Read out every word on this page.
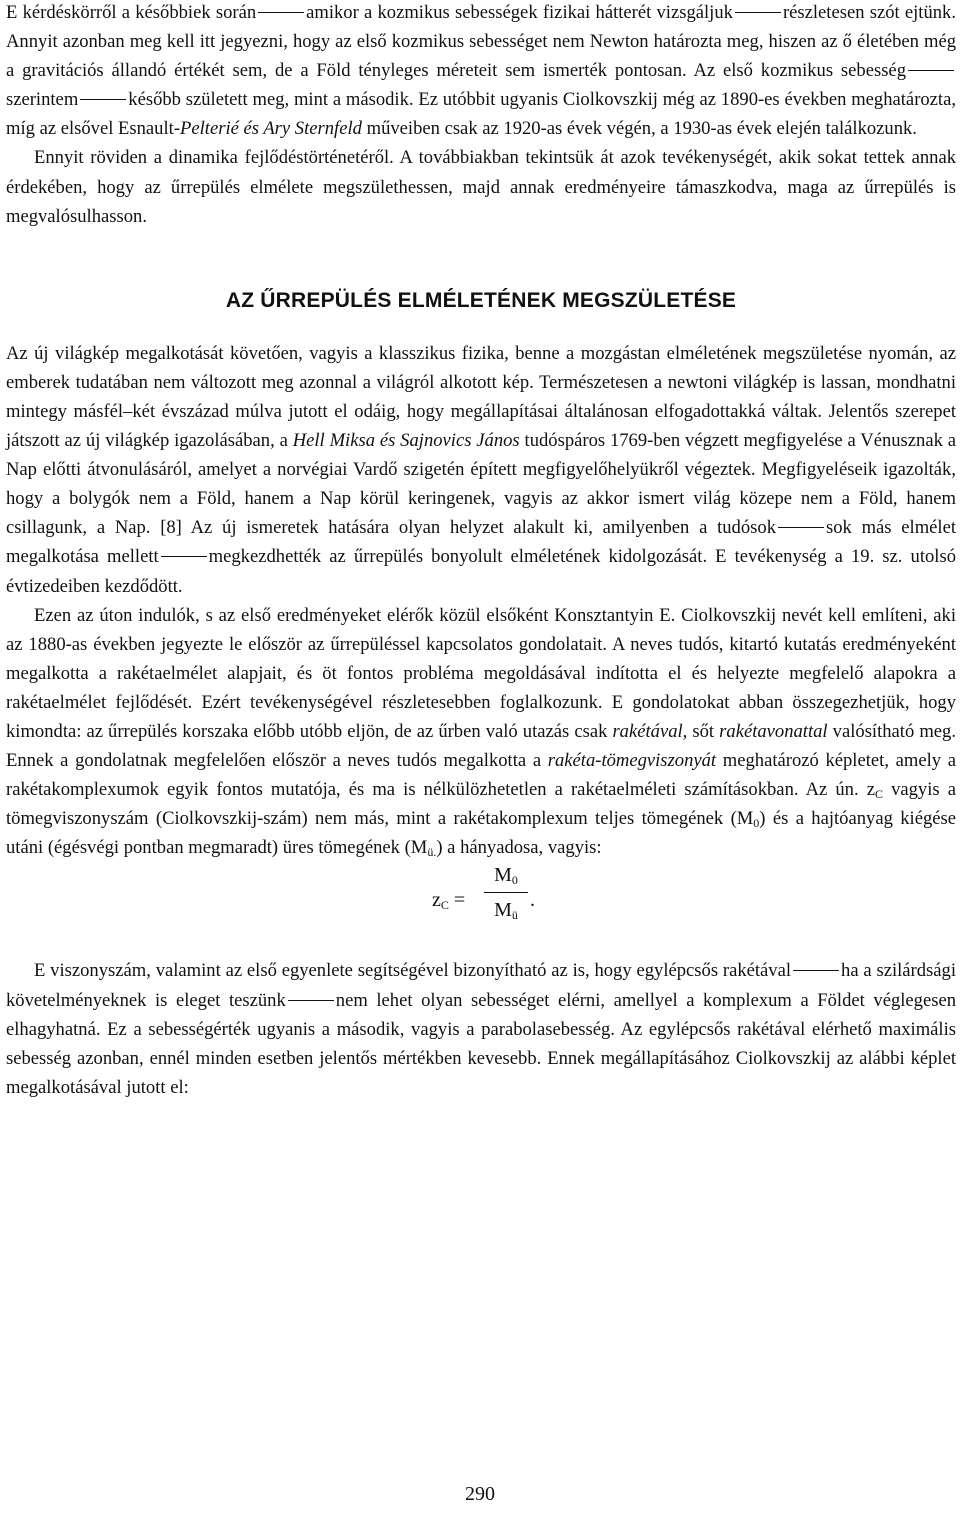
E kérdéskörről a későbbiek során	amikor a kozmikus sebességek fizikai hátterét vizsgáljuk	részletesen szót ejtünk. Annyit azonban meg kell itt jegyezni, hogy az első kozmikus sebességet nem Newton határozta meg, hiszen az ő életében még a gravitációs állandó értékét sem, de a Föld tényleges méreteit sem ismerték pontosan. Az első kozmikus sebességszerintem	később született meg, mint a második. Ez utóbbit ugyanis Ciolkovszkij még az 1890-es években meghatározta, míg az elsővel Esnault-Pelterié és Ary Sternfeld műveiben csak az 1920-as évek végén, a 1930-as évek elején találkozunk.

Ennyit röviden a dinamika fejlődéstörténetéről. A továbbiakban tekintsük át azok tevékenységét, akik sokat tettek annak érdekében, hogy az űrrepülés elmélete megszülethessen, majd annak eredményeire támaszkodva, maga az űrrepülés is megvalósulhasson.

AZ ŰRREPÜLÉS ELMÉLETÉNEK MEGSZÜLETÉSE

Az új világkép megalkotását követően, vagyis a klasszikus fizika, benne a mozgástan elméletének megszületése nyomán, az emberek tudatában nem változott meg azonnal a világról alkotott kép. Természetesen a newtoni világkép is lassan, mondhatni mintegy másfél–két évszázad múlva jutott el odáig, hogy megállapításai általánosan elfogadottakká váltak. Jelentős szerepet játszott az új világkép igazolásában, a Hell Miksa és Sajnovics János tudóspáros 1769-ben végzett megfigyelése a Vénusznak a Nap előtti átvonulásáról, amelyet a norvégiai Vardő szigetén épített megfigyelőhelyükről végeztek. Megfigyeléseik igazolták, hogy a bolygók nem a Föld, hanem a Nap körül keringenek, vagyis az akkor ismert világ közepe nem a Föld, hanem csillagunk, a Nap. [8] Az új ismeretek hatására olyan helyzet alakult ki, amilyenben a tudósok	sok más elmélet megalkotása mellett	megkezdhették az űrrepülés bonyolult elméletének kidolgozását. E tevékenység a 19. sz. utolsó évtizedeiben kezdődött.

Ezen az úton indulók, s az első eredményeket elérők közül elsőként Konsztantyin E. Ciolkovszkij nevét kell említeni, aki az 1880-as években jegyezte le először az űrrepüléssel kapcsolatos gondolatait. A neves tudós, kitartó kutatás eredményeként megalkotta a rakétaelmélet alapjait, és öt fontos probléma megoldásával indította el és helyezte megfelelő alapokra a rakétaelmélet fejlődését. Ezért tevékenységével részletesebben foglalkozunk. E gondolatokat abban összegezhetjük, hogy kimondta: az űrrepülés korszaka előbb utóbb eljön, de az űrben való utazás csak rakétával, sőt rakétavonattal valósítható meg. Ennek a gondolatnak megfelelően először a neves tudós megalkotta a rakéta-tömegviszonyát meghatározó képletet, amely a rakétakomplexumok egyik fontos mutatója, és ma is nélkülözhetetlen a rakétaelméleti számításokban. Az ún. $z_C$ vagyis a tömegviszonyszám (Ciolkovszkij-szám) nem más, mint a rakétakomplexum teljes tömegének $(M_0)$ és a hajtóanyag kiégése utáni (égésvégi pontban megmaradt) üres tömegének $(M_{ü.})$ a hányadosa, vagyis:

$z_C$ =
$M_0$
$M_ü$
.

E viszonyszám, valamint az első egyenlete segítségével bizonyítható az is, hogy egylépcsős rakétával	ha a szilárdsági követelményeknek is eleget teszünk	nem lehet olyan sebességet elérni, amellyel a komplexum a Földet véglegesen elhagyhatná. Ez a sebességérték ugyanis a második, vagyis a parabolasebesség. Az egylépcsős rakétával elérhető maximális sebesség azonban, ennél minden esetben jelentős mértékben kevesebb. Ennek megállapításához Ciolkovszkij az alábbi képlet megalkotásával jutott el:

290
